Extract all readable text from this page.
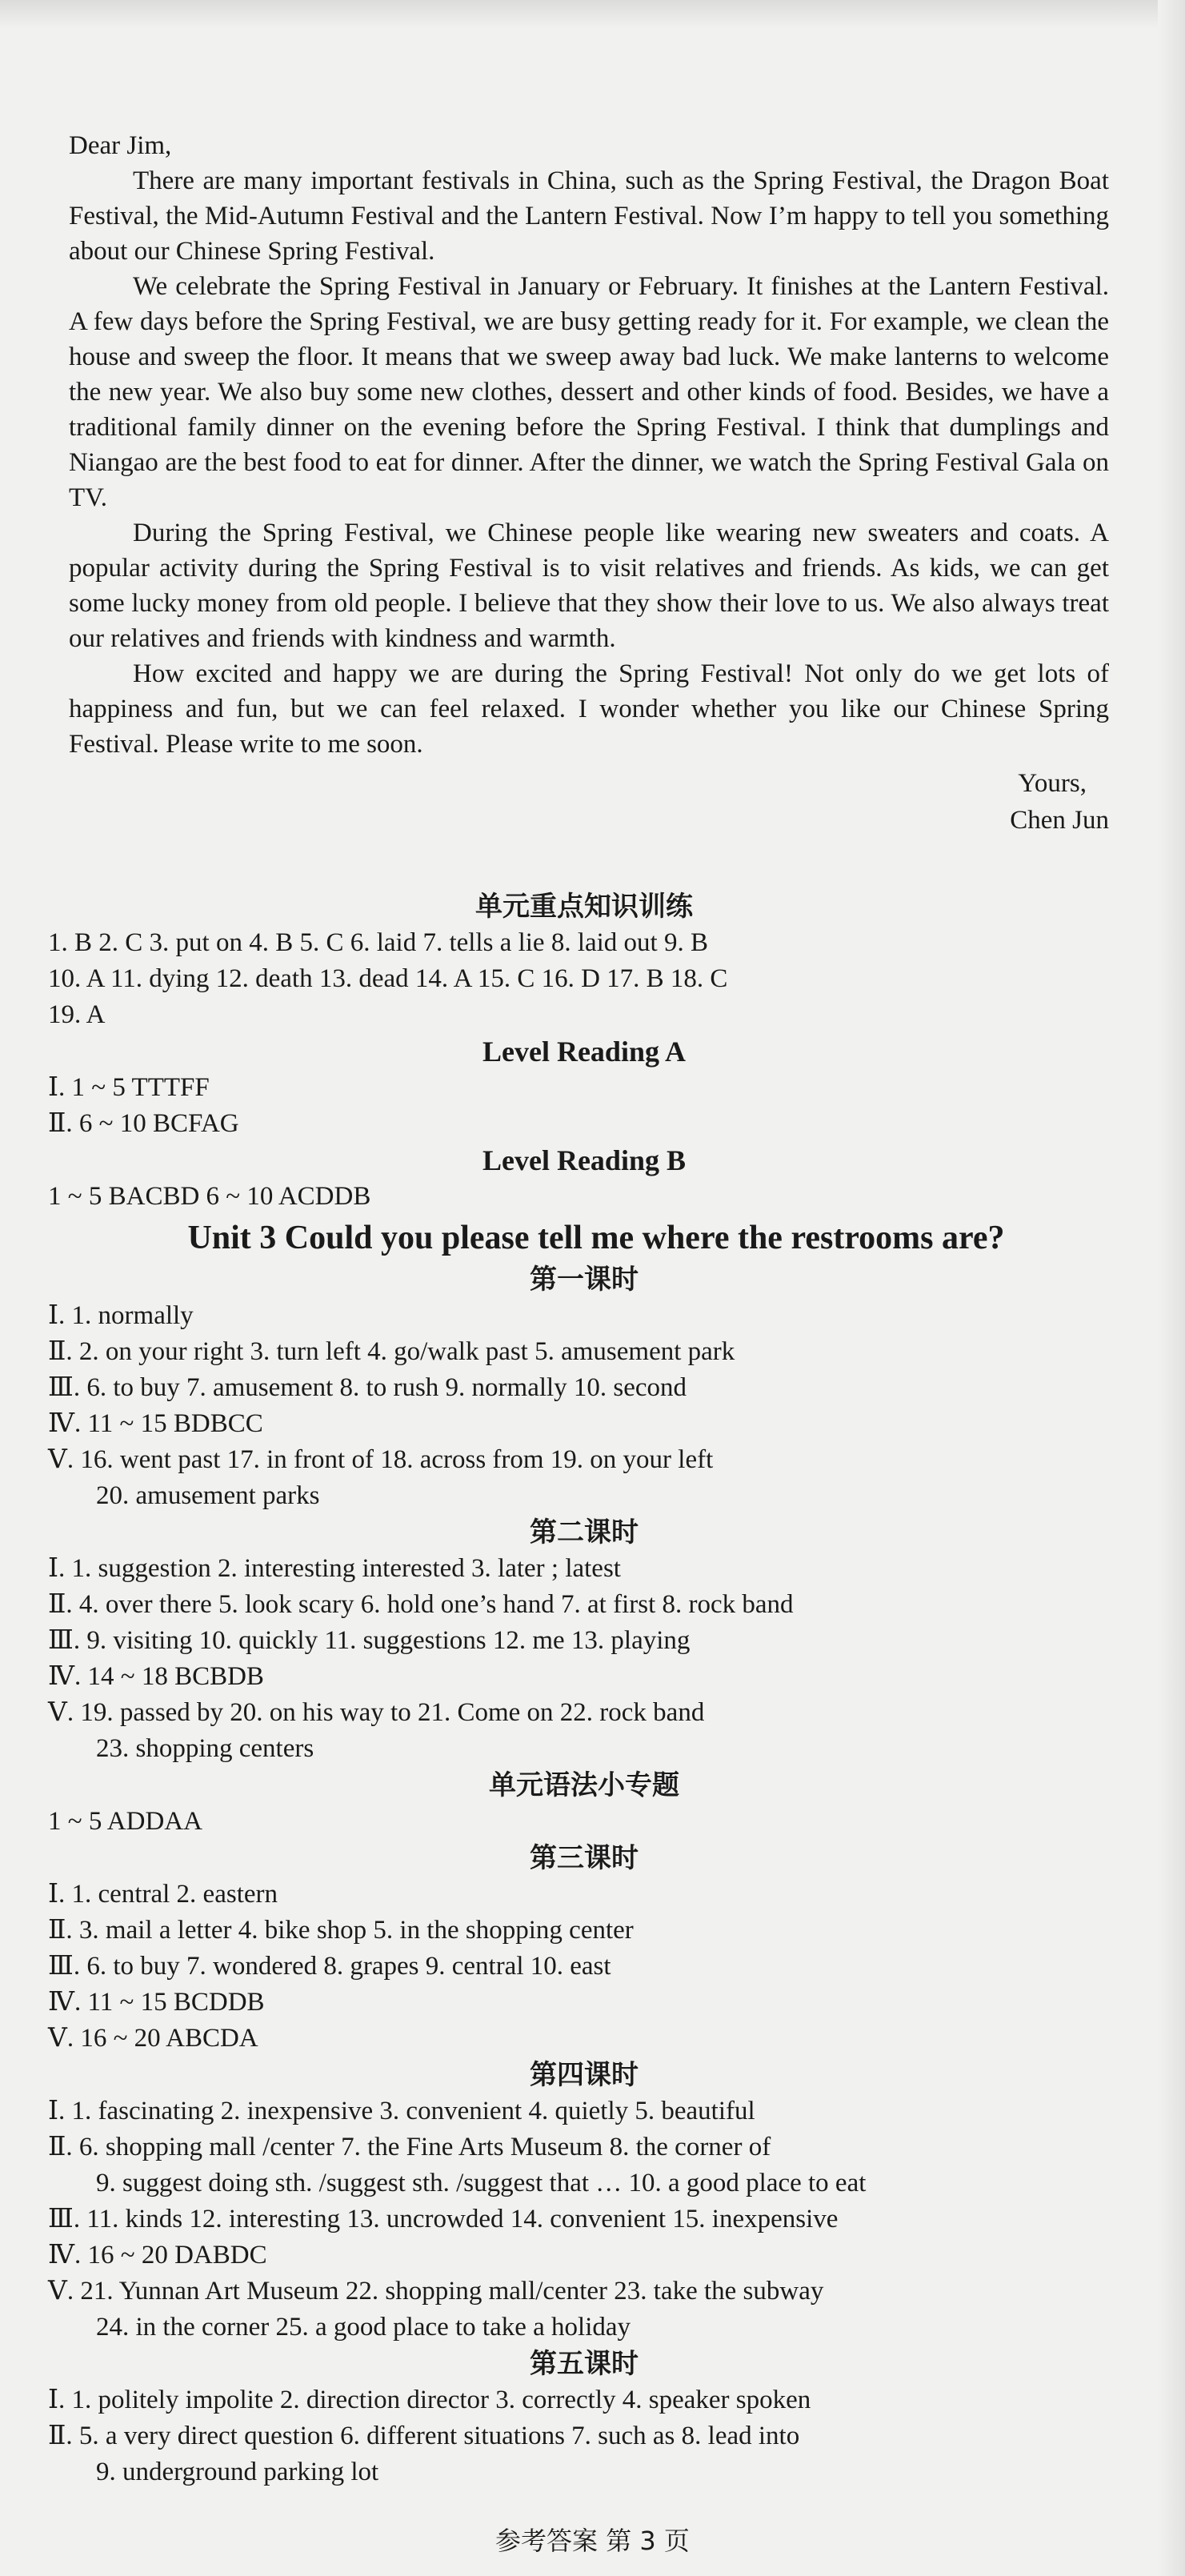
Dear Jim,

There are many important festivals in China, such as the Spring Festival, the Dragon Boat Festival, the Mid-Autumn Festival and the Lantern Festival. Now I’m happy to tell you something about our Chinese Spring Festival.

We celebrate the Spring Festival in January or February. It finishes at the Lantern Festival. A few days before the Spring Festival, we are busy getting ready for it. For example, we clean the house and sweep the floor. It means that we sweep away bad luck. We make lanterns to welcome the new year. We also buy some new clothes, dessert and other kinds of food. Besides, we have a traditional family dinner on the evening before the Spring Festival. I think that dumplings and Niangao are the best food to eat for dinner. After the dinner, we watch the Spring Festival Gala on TV.

During the Spring Festival, we Chinese people like wearing new sweaters and coats. A popular activity during the Spring Festival is to visit relatives and friends. As kids, we can get some lucky money from old people. I believe that they show their love to us. We also always treat our relatives and friends with kindness and warmth.

How excited and happy we are during the Spring Festival! Not only do we get lots of happiness and fun, but we can feel relaxed. I wonder whether you like our Chinese Spring Festival. Please write to me soon.

Yours,
Chen Jun
单元重点知识训练
1. B 2. C 3. put on 4. B 5. C 6. laid 7. tells a lie 8. laid out 9. B
10. A 11. dying 12. death 13. dead 14. A 15. C 16. D 17. B 18. C
19. A
Level Reading A
Ⅰ. 1 ~ 5 TTTFF
Ⅱ. 6 ~ 10 BCFAG
Level Reading B
1 ~ 5 BACBD 6 ~ 10 ACDDB
Unit 3 Could you please tell me where the restrooms are?
第一课时
Ⅰ. 1. normally
Ⅱ. 2. on your right 3. turn left 4. go/walk past 5. amusement park
Ⅲ. 6. to buy 7. amusement 8. to rush 9. normally 10. second
Ⅳ. 11 ~ 15 BDBCC
Ⅴ. 16. went past 17. in front of 18. across from 19. on your left
20. amusement parks
第二课时
Ⅰ. 1. suggestion 2. interesting interested 3. later ; latest
Ⅱ. 4. over there 5. look scary 6. hold one’s hand 7. at first 8. rock band
Ⅲ. 9. visiting 10. quickly 11. suggestions 12. me 13. playing
Ⅳ. 14 ~ 18 BCBDB
Ⅴ. 19. passed by 20. on his way to 21. Come on 22. rock band
23. shopping centers
单元语法小专题
1 ~ 5 ADDAA
第三课时
Ⅰ. 1. central 2. eastern
Ⅱ. 3. mail a letter 4. bike shop 5. in the shopping center
Ⅲ. 6. to buy 7. wondered 8. grapes 9. central 10. east
Ⅳ. 11 ~ 15 BCDDB
Ⅴ. 16 ~ 20 ABCDA
第四课时
Ⅰ. 1. fascinating 2. inexpensive 3. convenient 4. quietly 5. beautiful
Ⅱ. 6. shopping mall /center 7. the Fine Arts Museum 8. the corner of
9. suggest doing sth. /suggest sth. /suggest that … 10. a good place to eat
Ⅲ. 11. kinds 12. interesting 13. uncrowded 14. convenient 15. inexpensive
Ⅳ. 16 ~ 20 DABDC
Ⅴ. 21. Yunnan Art Museum 22. shopping mall/center 23. take the subway
24. in the corner 25. a good place to take a holiday
第五课时
Ⅰ. 1. politely impolite 2. direction director 3. correctly 4. speaker spoken
Ⅱ. 5. a very direct question 6. different situations 7. such as 8. lead into
9. underground parking lot
参考答案 第 3 页
